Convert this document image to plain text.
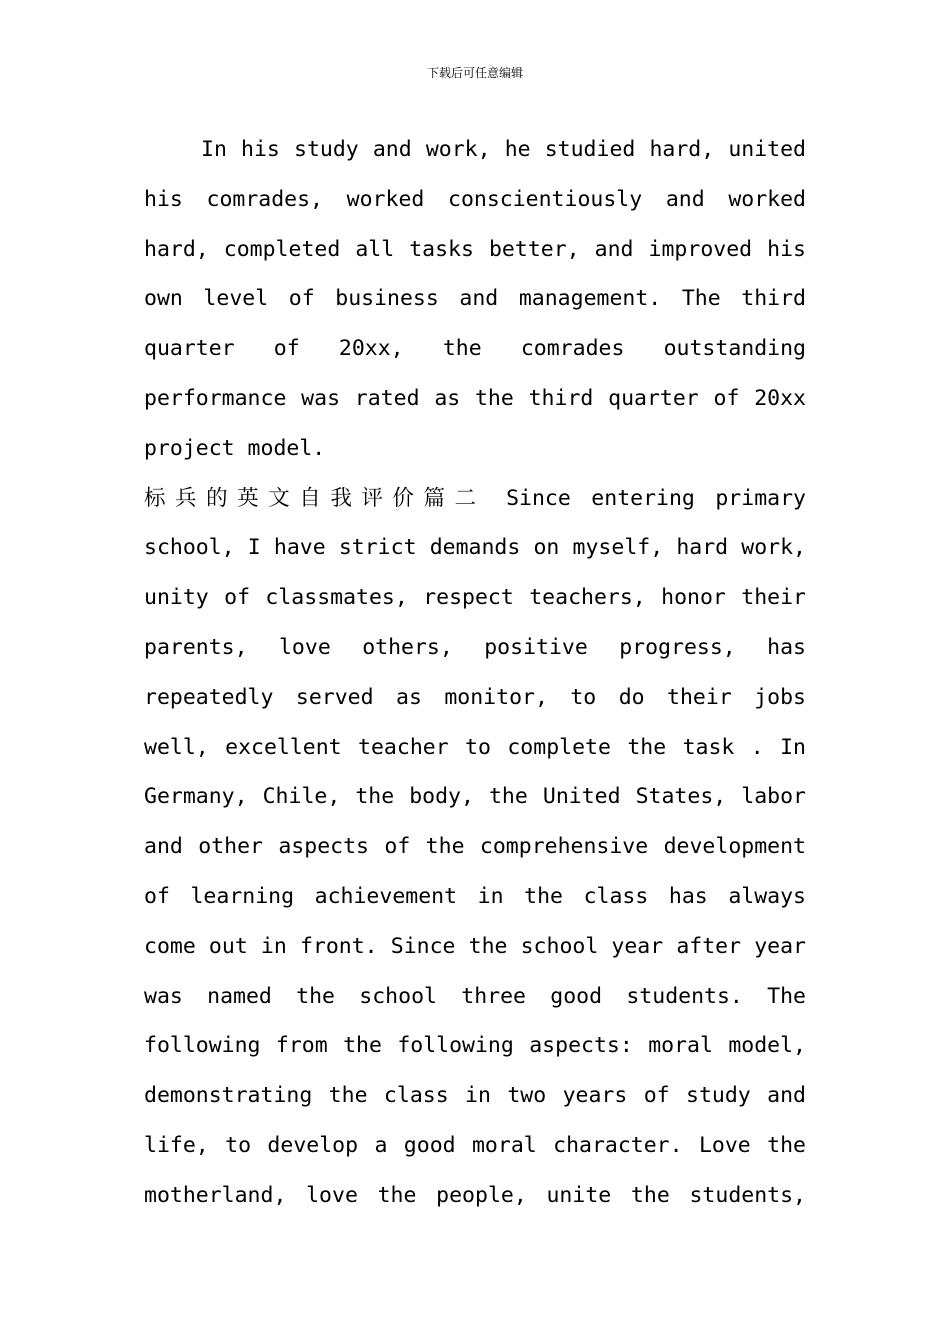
下载后可任意编辑
In his study and work, he studied hard, united
his comrades, worked conscientiously and worked
hard, completed all tasks better, and improved his
own level of business and management. The third
quarter of 20xx, the comrades outstanding
performance was rated as the third quarter of 20xx
project model.
标兵的英文自我评价篇二 Since entering primary
school, I have strict demands on myself, hard work,
unity of classmates, respect teachers, honor their
parents, love others, positive progress, has
repeatedly served as monitor, to do their jobs
well, excellent teacher to complete the task . In
Germany, Chile, the body, the United States, labor
and other aspects of the comprehensive development
of learning achievement in the class has always
come out in front. Since the school year after year
was named the school three good students. The
following from the following aspects: moral model,
demonstrating the class in two years of study and
life, to develop a good moral character. Love the
motherland, love the people, unite the students,
